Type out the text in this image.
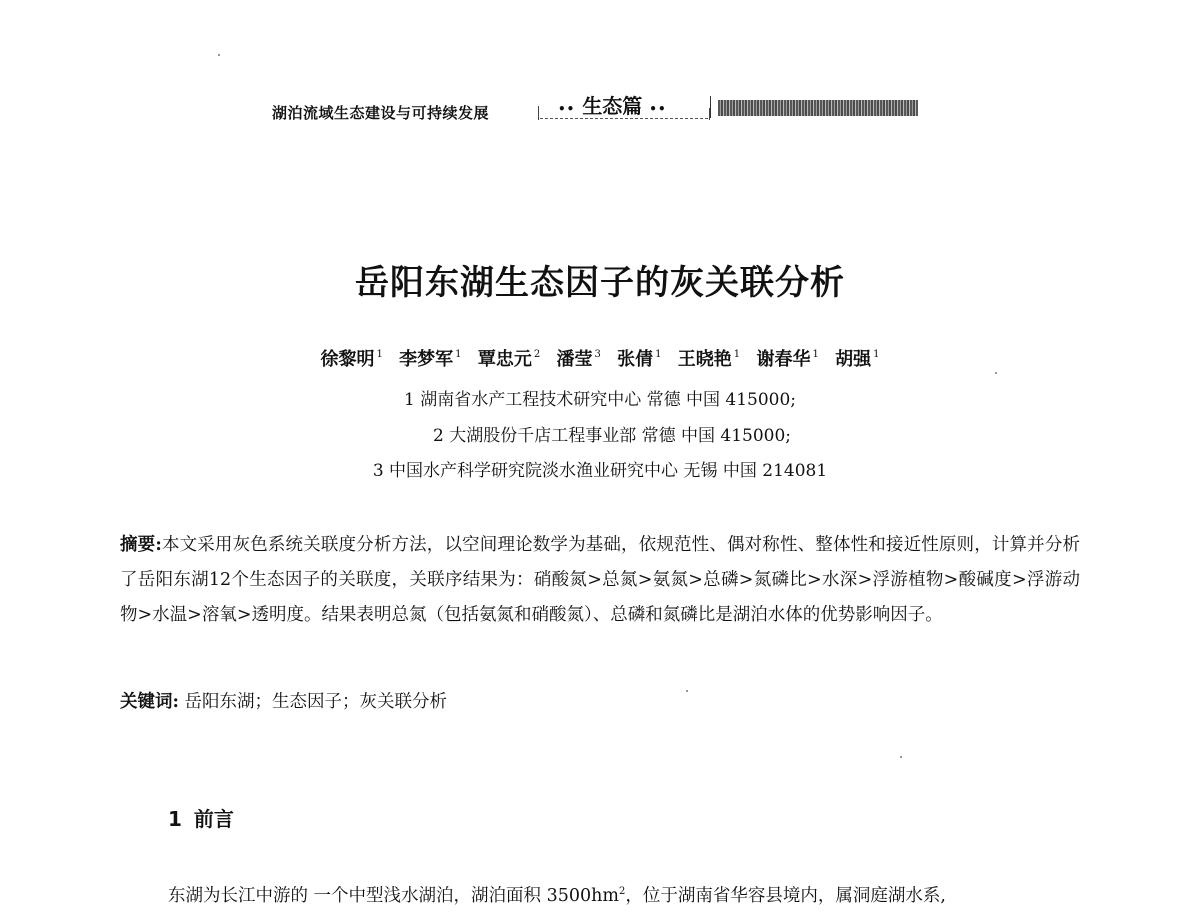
湖泊流域生态建设与可持续发展	•• 生态篇 ••
岳阳东湖生态因子的灰关联分析
徐黎明 $^1$ 李梦军 $^1$ 覃忠元 $^2$ 潘莹 $^3$ 张倩 $^1$ 王晓艳 $^1$ 谢春华 $^1$ 胡强 $^1$
1 湖南省水产工程技术研究中心 常德 中国 415000;
2 大湖股份千店工程事业部 常德 中国 415000;
3 中国水产科学研究院淡水渔业研究中心 无锡 中国 214081

摘要:本文采用灰色系统关联度分析方法，以空间理论数学为基础，依规范性、偶对称性、整体性和接近性原则，计算并分析了岳阳东湖12个生态因子的关联度，关联序结果为：硝酸氮>总氮>氨氮>总磷>氮磷比>水深>浮游植物>酸碱度>浮游动物>水温>溶氧>透明度。结果表明总氮（包括氨氮和硝酸氮）、总磷和氮磷比是湖泊水体的优势影响因子。

关键词: 岳阳东湖；生态因子；灰关联分析

1 前言

东湖为长江中游的 一个中型浅水湖泊，湖泊面积 $3500hm^2$，位于湖南省华容县境内，属洞庭湖水系,
